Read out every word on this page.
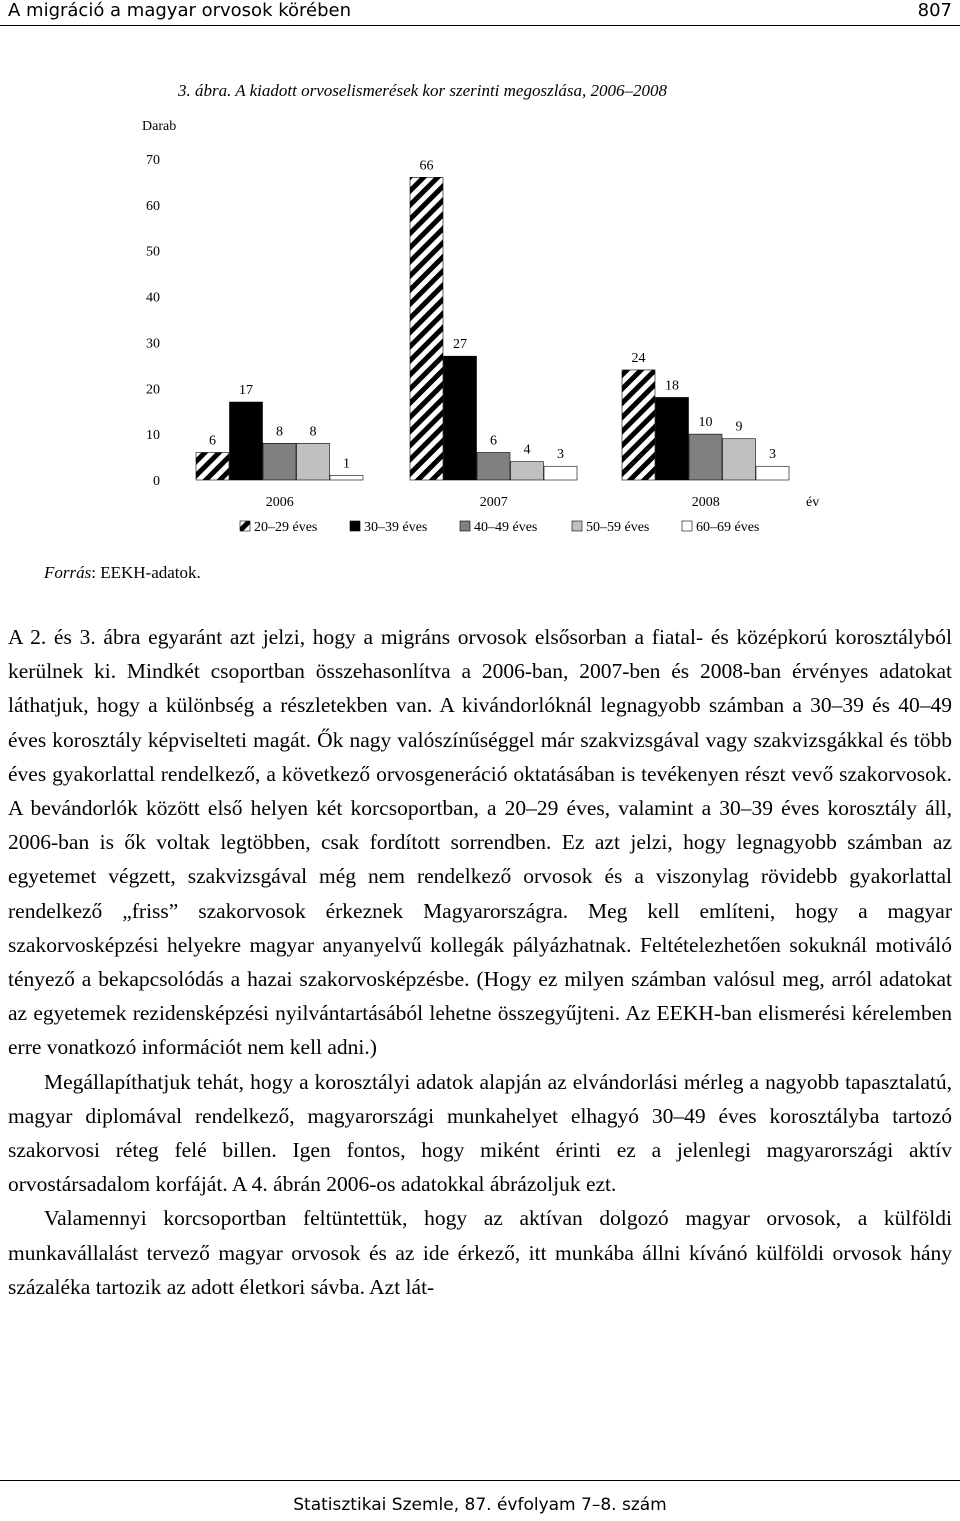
A migráció a magyar orvosok körében	807
3. ábra. A kiadott orvoselismerések kor szerinti megoszlása, 2006–2008
Darab
0
10
20
30
40
50
60
70
6
17
8 8
1
66
27
6
4 3
24
18
10 9
3
2006	2007	2008	év
20–29 éves	30–39 éves	40–49 éves	50–59 éves	60–69 éves
Forrás: EEKH-adatok.

A 2. és 3. ábra egyaránt azt jelzi, hogy a migráns orvosok elsősorban a fiatal- és középkorú korosztályból kerülnek ki. Mindkét csoportban összehasonlítva a 2006-ban, 2007-ben és 2008-ban érvényes adatokat láthatjuk, hogy a különbség a részletekben van. A kivándorlóknál legnagyobb számban a 30–39 és 40–49 éves korosztály képviselteti magát. Ők nagy valószínűséggel már szakvizsgával vagy szakvizsgákkal és több éves gyakorlattal rendelkező, a következő orvosgeneráció oktatásában is tevékenyen részt vevő szakorvosok. A bevándorlók között első helyen két korcsoportban, a 20–29 éves, valamint a 30–39 éves korosztály áll, 2006-ban is ők voltak legtöbben, csak fordított sorrendben. Ez azt jelzi, hogy legnagyobb számban az egyetemet végzett, szakvizsgával még nem rendelkező orvosok és a viszonylag rövidebb gyakorlattal rendelkező „friss” szakorvosok érkeznek Magyarországra. Meg kell említeni, hogy a magyar szakorvosképzési helyekre magyar anyanyelvű kollegák pályázhatnak. Feltételezhetően sokuknál motiváló tényező a bekapcsolódás a hazai szakorvosképzésbe. (Hogy ez milyen számban valósul meg, arról adatokat az egyetemek rezidensképzési nyilvántartásából lehetne összegyűjteni. Az EEKH-ban elismerési kérelemben erre vonatkozó információt nem kell adni.)

Megállapíthatjuk tehát, hogy a korosztályi adatok alapján az elvándorlási mérleg a nagyobb tapasztalatú, magyar diplomával rendelkező, magyarországi munkahelyet elhagyó 30–49 éves korosztályba tartozó szakorvosi réteg felé billen. Igen fontos, hogy miként érinti ez a jelenlegi magyarországi aktív orvostársadalom korfáját. A 4. ábrán 2006-os adatokkal ábrázoljuk ezt.

Valamennyi korcsoportban feltüntettük, hogy az aktívan dolgozó magyar orvosok, a külföldi munkavállalást tervező magyar orvosok és az ide érkező, itt munkába állni kívánó külföldi orvosok hány százaléka tartozik az adott életkori sávba. Azt lát-

Statisztikai Szemle, 87. évfolyam 7–8. szám
